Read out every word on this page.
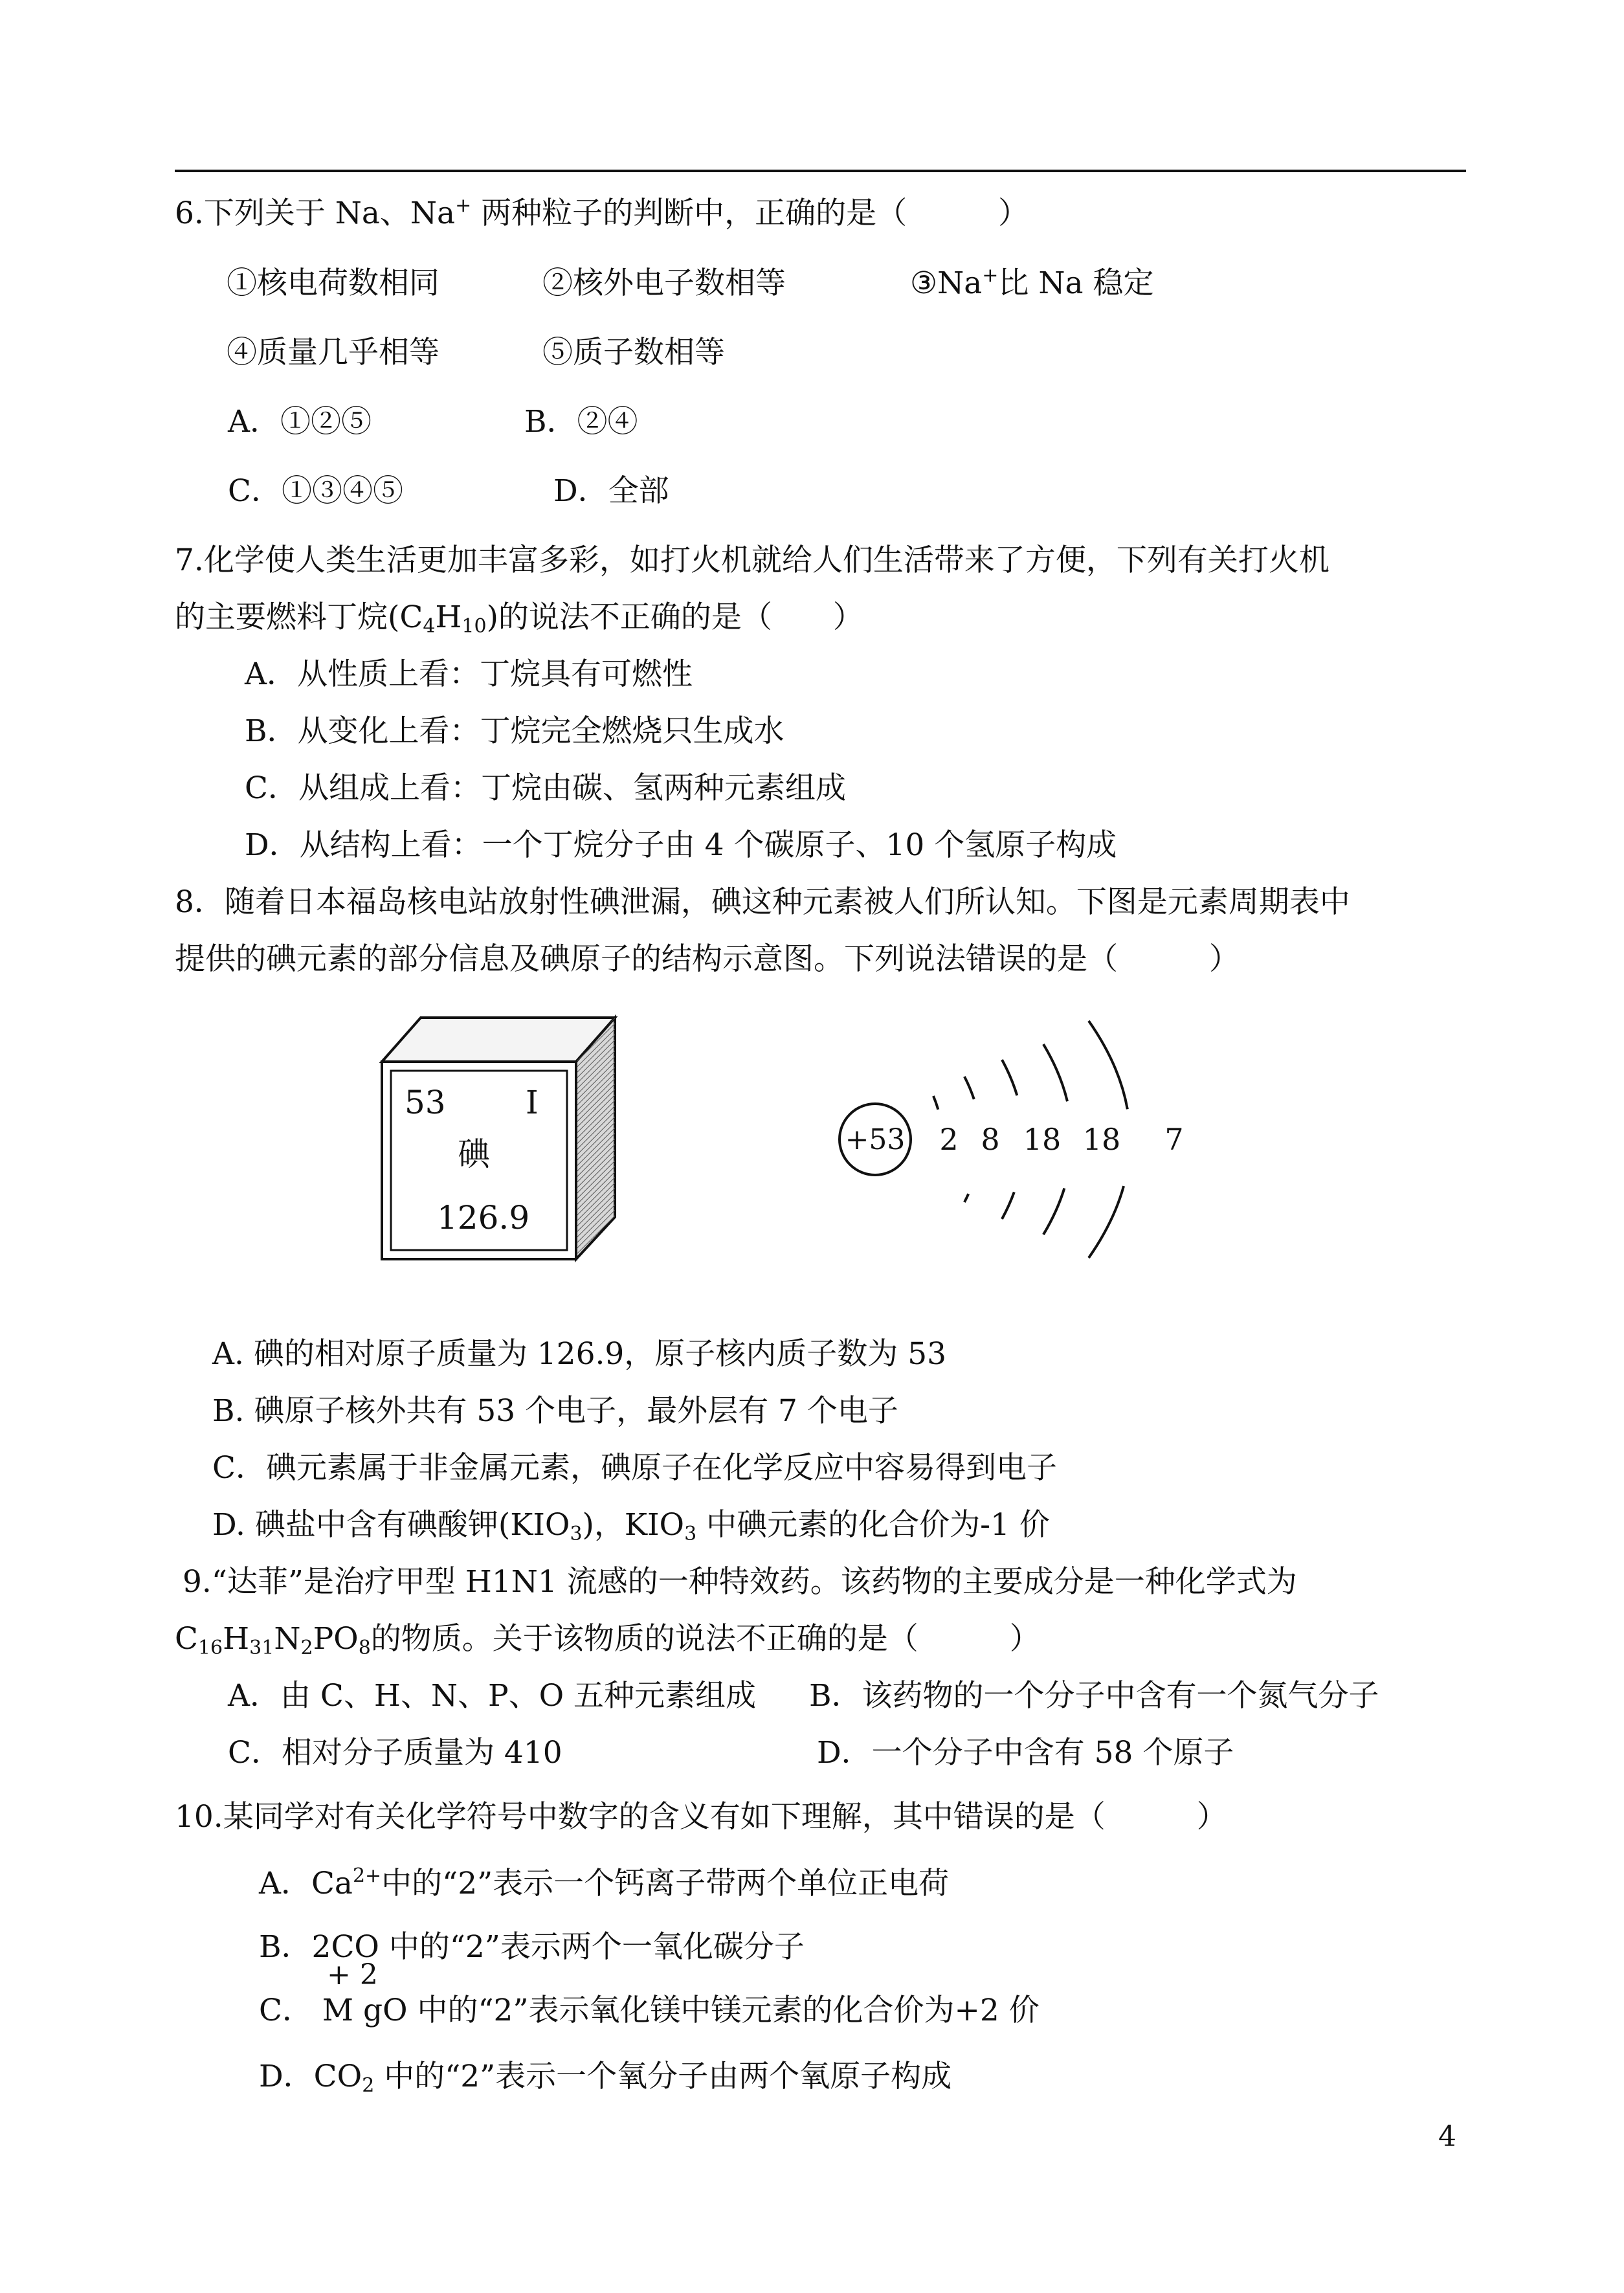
6.下列关于 Na、Na+ 两种粒子的判断中，正确的是（　　　）
①核电荷数相同	②核外电子数相等	③Na+比 Na 稳定
④质量几乎相等	⑤质子数相等
A．①②⑤	B．②④
C．①③④⑤	D．全部
7.化学使人类生活更加丰富多彩，如打火机就给人们生活带来了方便，下列有关打火机
的主要燃料丁烷$(C_4H_{10})$的说法不正确的是（　　）
A．从性质上看：丁烷具有可燃性
B．从变化上看：丁烷完全燃烧只生成水
C．从组成上看：丁烷由碳、氢两种元素组成
D．从结构上看：一个丁烷分子由 4 个碳原子、10 个氢原子构成
8．随着日本福岛核电站放射性碘泄漏，碘这种元素被人们所认知。下图是元素周期表中
提供的碘元素的部分信息及碘原子的结构示意图。下列说法错误的是（　　　）
53 I
碘
126.9
+53 2 8 18 18 7
A. 碘的相对原子质量为 126.9，原子核内质子数为 53
B. 碘原子核外共有 53 个电子，最外层有 7 个电子
C．碘元素属于非金属元素，碘原子在化学反应中容易得到电子
D. 碘盐中含有碘酸钾$(KIO_3)$，$KIO_3$ 中碘元素的化合价为-1 价
9.“达菲”是治疗甲型 H1N1 流感的一种特效药。该药物的主要成分是一种化学式为
$C_{16}H_{31}N_2PO_8$的物质。关于该物质的说法不正确的是（　　　）
A．由 C、H、N、P、O 五种元素组成 B．该药物的一个分子中含有一个氮气分子
C．相对分子质量为 410	D．一个分子中含有 58 个原子
10.某同学对有关化学符号中数字的含义有如下理解，其中错误的是（　　　）
A．$Ca^{2+}$中的“2”表示一个钙离子带两个单位正电荷
B．2CO 中的“2”表示两个一氧化碳分子
+ 2
C． M gO 中的“2”表示氧化镁中镁元素的化合价为+2 价
D．$CO_2$ 中的“2”表示一个氧分子由两个氧原子构成
4
